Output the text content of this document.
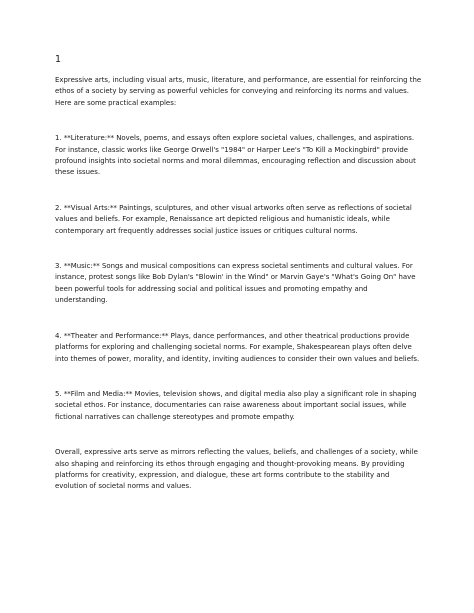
1

Expressive arts, including visual arts, music, literature, and performance, are essential for reinforcing the
ethos of a society by serving as powerful vehicles for conveying and reinforcing its norms and values.
Here are some practical examples:

1. **Literature:** Novels, poems, and essays often explore societal values, challenges, and aspirations.
For instance, classic works like George Orwell's "1984" or Harper Lee's "To Kill a Mockingbird" provide
profound insights into societal norms and moral dilemmas, encouraging reflection and discussion about
these issues.

2. **Visual Arts:** Paintings, sculptures, and other visual artworks often serve as reflections of societal
values and beliefs. For example, Renaissance art depicted religious and humanistic ideals, while
contemporary art frequently addresses social justice issues or critiques cultural norms.

3. **Music:** Songs and musical compositions can express societal sentiments and cultural values. For
instance, protest songs like Bob Dylan's "Blowin' in the Wind" or Marvin Gaye's "What's Going On" have
been powerful tools for addressing social and political issues and promoting empathy and
understanding.

4. **Theater and Performance:** Plays, dance performances, and other theatrical productions provide
platforms for exploring and challenging societal norms. For example, Shakespearean plays often delve
into themes of power, morality, and identity, inviting audiences to consider their own values and beliefs.

5. **Film and Media:** Movies, television shows, and digital media also play a significant role in shaping
societal ethos. For instance, documentaries can raise awareness about important social issues, while
fictional narratives can challenge stereotypes and promote empathy.

Overall, expressive arts serve as mirrors reflecting the values, beliefs, and challenges of a society, while
also shaping and reinforcing its ethos through engaging and thought-provoking means. By providing
platforms for creativity, expression, and dialogue, these art forms contribute to the stability and
evolution of societal norms and values.
